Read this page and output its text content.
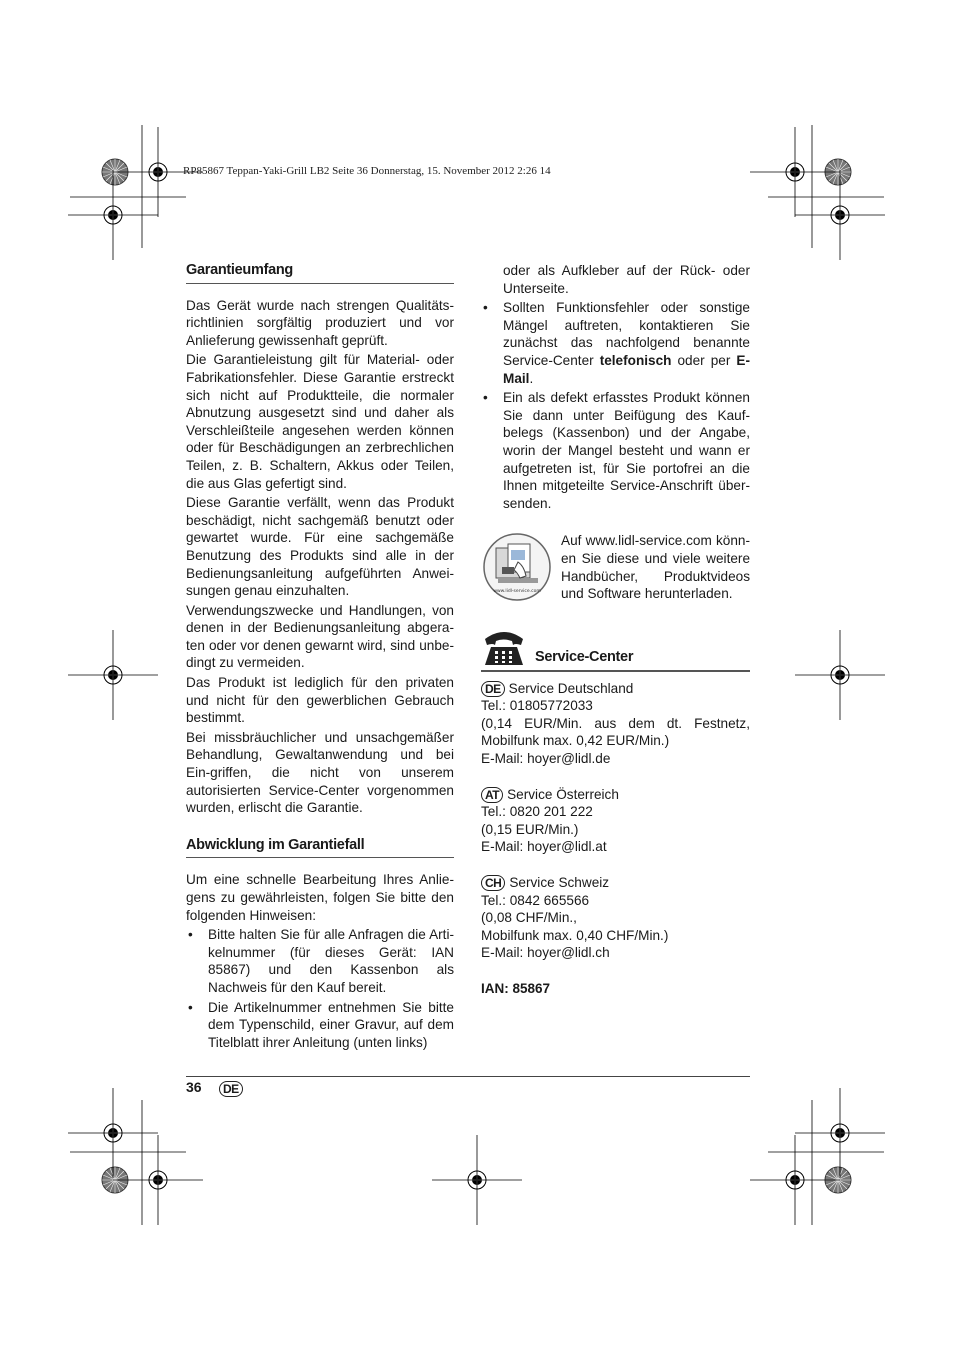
RP85867 Teppan-Yaki-Grill LB2 Seite 36 Donnerstag, 15. November 2012 2:26 14
Garantieumfang

Das Gerät wurde nach strengen Qualitäts-richtlinien sorgfältig produziert und vor Anlieferung gewissenhaft geprüft.

Die Garantieleistung gilt für Material- oder Fabrikationsfehler. Diese Garantie erstreckt sich nicht auf Produktteile, die normaler Abnutzung ausgesetzt sind und daher als Verschleißteile angesehen werden können oder für Beschädigungen an zerbrechlichen Teilen, z. B. Schaltern, Akkus oder Teilen, die aus Glas gefertigt sind.

Diese Garantie verfällt, wenn das Produkt beschädigt, nicht sachgemäß benutzt oder gewartet wurde. Für eine sachgemäße Benutzung des Produkts sind alle in der Bedienungsanleitung aufgeführten Anwei-sungen genau einzuhalten.

Verwendungszwecke und Handlungen, von denen in der Bedienungsanleitung abgera-ten oder vor denen gewarnt wird, sind unbe-dingt zu vermeiden.

Das Produkt ist lediglich für den privaten und nicht für den gewerblichen Gebrauch bestimmt.

Bei missbräuchlicher und unsachgemäßer Behandlung, Gewaltanwendung und bei Ein-griffen, die nicht von unserem autorisierten Service-Center vorgenommen wurden, erlischt die Garantie.

Abwicklung im Garantiefall

Um eine schnelle Bearbeitung Ihres Anlie-gens zu gewährleisten, folgen Sie bitte den folgenden Hinweisen:

• Bitte halten Sie für alle Anfragen die Arti-kelnummer (für dieses Gerät: IAN 85867) und den Kassenbon als Nachweis für den Kauf bereit.
• Die Artikelnummer entnehmen Sie bitte dem Typenschild, einer Gravur, auf dem Titelblatt ihrer Anleitung (unten links)
oder als Aufkleber auf der Rück- oder Unterseite.
• Sollten Funktionsfehler oder sonstige Mängel auftreten, kontaktieren Sie zunächst das nachfolgend benannte Service-Center telefonisch oder per E-Mail.
• Ein als defekt erfasstes Produkt können Sie dann unter Beifügung des Kauf-belegs (Kassenbon) und der Angabe, worin der Mangel besteht und wann er aufgetreten ist, für Sie portofrei an die Ihnen mitgeteilte Service-Anschrift über-senden.
www.lidl-service.com
Auf www.lidl-service.com könn-en Sie diese und viele weitere Handbücher, Produktvideos und Software herunterladen.
Service-Center
DE Service Deutschland
Tel.: 01805772033
(0,14 EUR/Min. aus dem dt. Festnetz, Mobilfunk max. 0,42 EUR/Min.)
E-Mail: hoyer@lidl.de
AT Service Österreich
Tel.: 0820 201 222
(0,15 EUR/Min.)
E-Mail: hoyer@lidl.at
CH Service Schweiz
Tel.: 0842 665566
(0,08 CHF/Min.,
Mobilfunk max. 0,40 CHF/Min.)
E-Mail: hoyer@lidl.ch
IAN: 85867
36	DE
